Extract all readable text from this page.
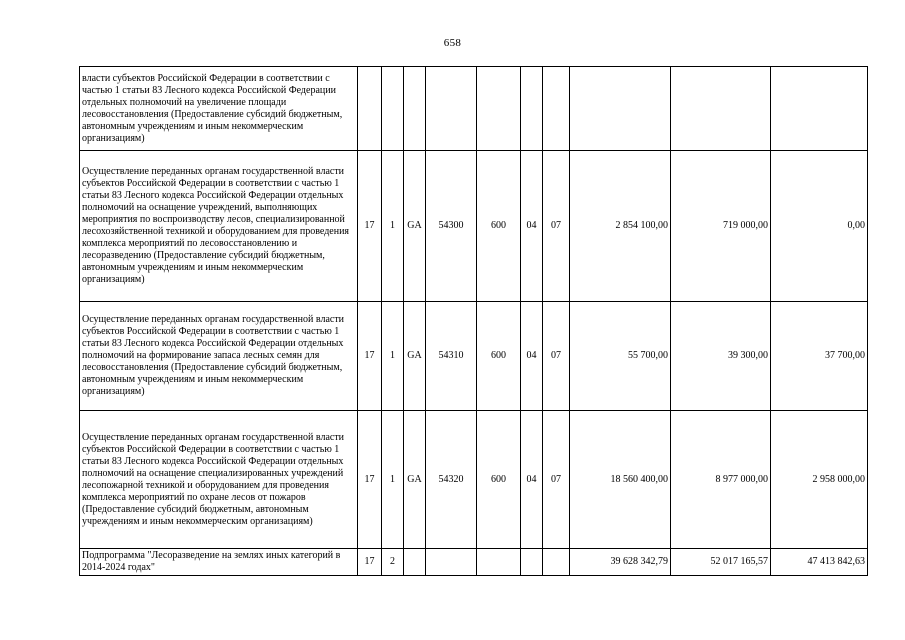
658
власти субъектов Российской Федерации в соответствии с частью 1 статьи 83 Лесного кодекса Российской Федерации отдельных полномочий на увеличение площади лесовосстановления (Предоставление субсидий бюджетным, автономным учреждениям и иным некоммерческим организациям)										
Осуществление переданных органам государственной власти субъектов Российской Федерации в соответствии с частью 1 статьи 83 Лесного кодекса Российской Федерации отдельных полномочий на оснащение учреждений, выполняющих мероприятия по воспроизводству лесов, специализированной лесохозяйственной техникой и оборудованием для проведения комплекса мероприятий по лесовосстановлению и лесоразведению (Предоставление субсидий бюджетным, автономным учреждениям и иным некоммерческим организациям)	17	1	GA	54300	600	04	07	2 854 100,00	719 000,00	0,00
Осуществление переданных органам государственной власти субъектов Российской Федерации в соответствии с частью 1 статьи 83 Лесного кодекса Российской Федерации отдельных полномочий на формирование запаса лесных семян для лесовосстановления (Предоставление субсидий бюджетным, автономным учреждениям и иным некоммерческим организациям)	17	1	GA	54310	600	04	07	55 700,00	39 300,00	37 700,00
Осуществление переданных органам государственной власти субъектов Российской Федерации в соответствии с частью 1 статьи 83 Лесного кодекса Российской Федерации отдельных полномочий на оснащение специализированных учреждений лесопожарной техникой и оборудованием для проведения комплекса мероприятий по охране лесов от пожаров (Предоставление субсидий бюджетным, автономным учреждениям и иным некоммерческим организациям)	17	1	GA	54320	600	04	07	18 560 400,00	8 977 000,00	2 958 000,00
Подпрограмма "Лесоразведение на землях иных категорий в 2014-2024 годах"	17	2						39 628 342,79	52 017 165,57	47 413 842,63
